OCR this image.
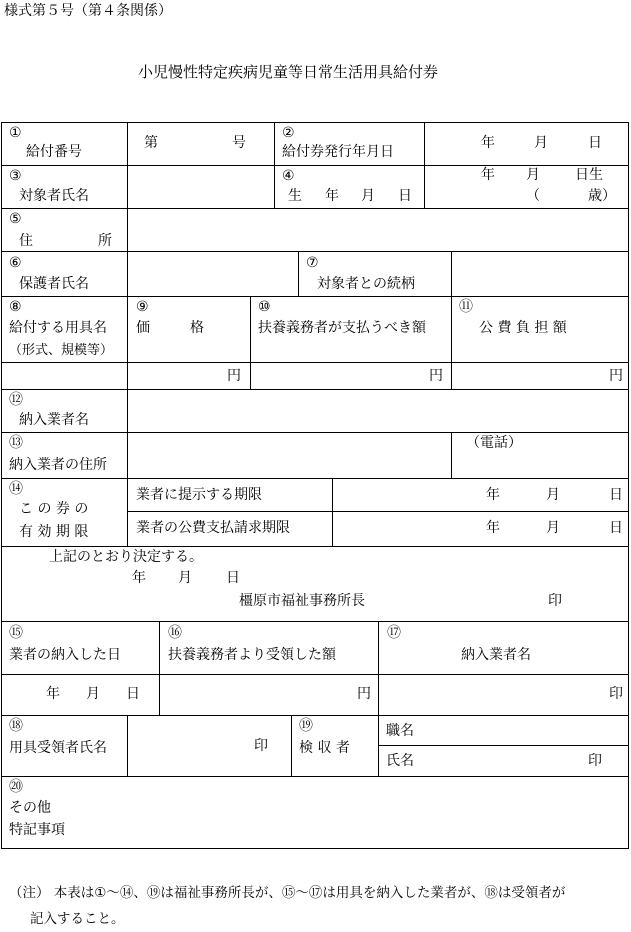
様式第５号（第４条関係）
小児慢性特定疾病児童等日常生活用具給付券
①
給付番号
第	号
②
給付券発行年月日
年	月	日
③
対象者氏名
④
生 年 月 日
年 月	日生
（	歳）
⑤
住	所
⑥
保護者氏名
⑦
対象者との続柄
⑧
給付する用具名
（形式、規模等）
⑨
価	格
⑩
扶養義務者が支払うべき額
⑪
公 費 負 担 額
円	円	円
⑫
納入業者名
⑬
納入業者の住所
（電話）
⑭
こ の 券 の
有 効 期 限
業者に提示する期限
業者の公費支払請求期限
年	月	日
年	月	日
上記のとおり決定する。
年 月 日
橿原市福祉事務所長	印
⑮
業者の納入した日
⑯
扶養義務者より受領した額
⑰
納入業者名
年 月 日	円	印
⑱
用具受領者氏名	印
⑲
検 収 者
職名
氏名	印
⑳
その他
特記事項
（注） 本表は①～⑭、⑲は福祉事務所長が、⑮～⑰は用具を納入した業者が、⑱は受領者が
記入すること。
